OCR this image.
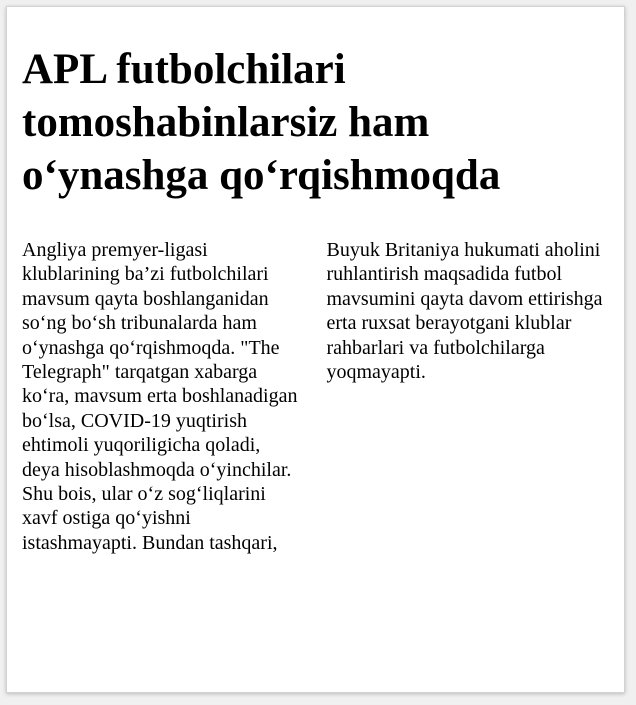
APL futbolchilari tomoshabinlarsiz ham o‘ynashga qo‘rqishmoqda

Angliya premyer-ligasi klublarining ba’zi futbolchilari mavsum qayta boshlanganidan so‘ng bo‘sh tribunalarda ham o‘ynashga qo‘rqishmoqda. "The Telegraph" tarqatgan xabarga ko‘ra, mavsum erta boshlanadigan bo‘lsa, COVID-19 yuqtirish ehtimoli yuqoriligicha qoladi, deya hisoblashmoqda o‘yinchilar. Shu bois, ular o‘z sog‘liqlarini xavf ostiga qo‘yishni istashmayapti. Bundan tashqari, Buyuk Britaniya hukumati aholini ruhlantirish maqsadida futbol mavsumini qayta davom ettirishga erta ruxsat berayotgani klublar rahbarlari va futbolchilarga yoqmayapti.
